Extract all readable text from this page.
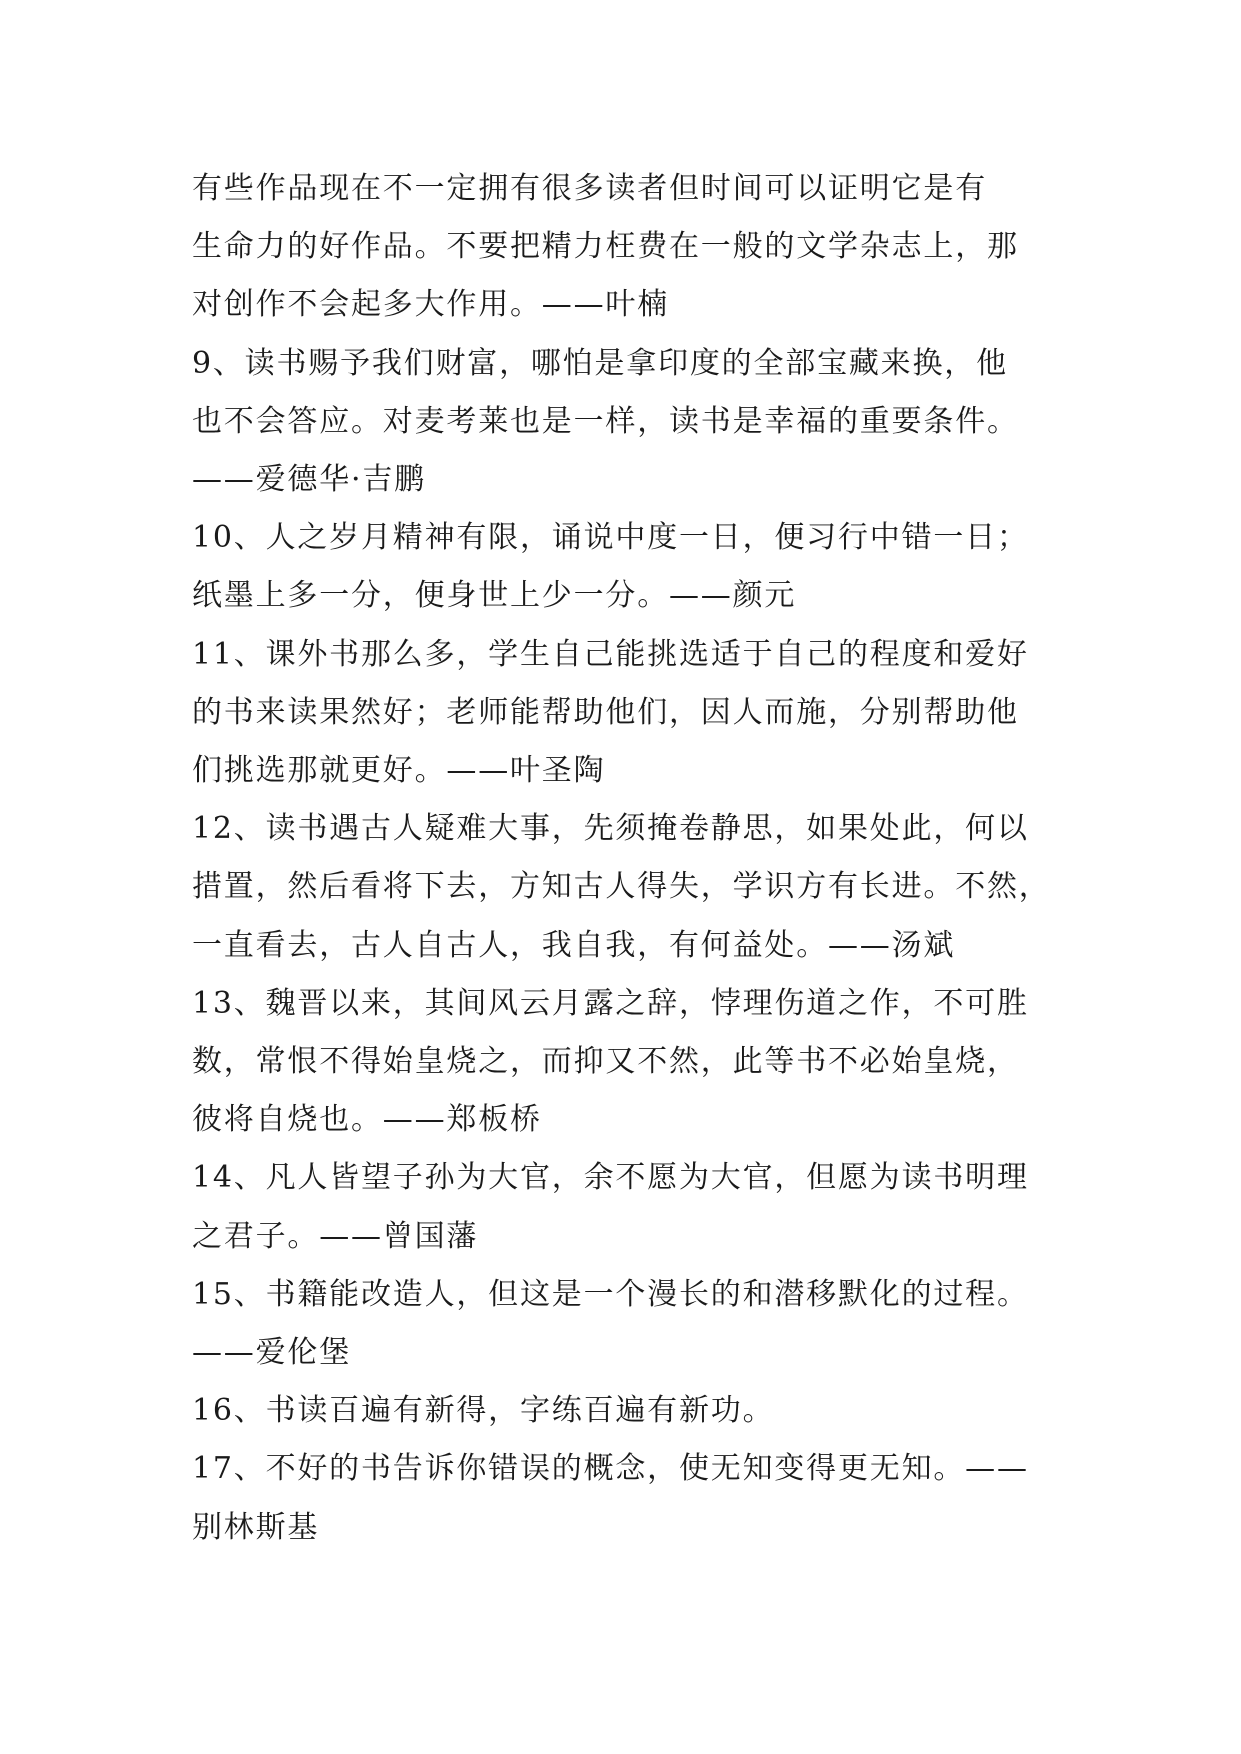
有些作品现在不一定拥有很多读者但时间可以证明它是有
生命力的好作品。不要把精力枉费在一般的文学杂志上，那
对创作不会起多大作用。——叶楠
9、读书赐予我们财富，哪怕是拿印度的全部宝藏来换，他
也不会答应。对麦考莱也是一样，读书是幸福的重要条件。
——爱德华·吉鹏
10、人之岁月精神有限，诵说中度一日，便习行中错一日；
纸墨上多一分，便身世上少一分。——颜元
11、课外书那么多，学生自己能挑选适于自己的程度和爱好
的书来读果然好；老师能帮助他们，因人而施，分别帮助他
们挑选那就更好。——叶圣陶
12、读书遇古人疑难大事，先须掩卷静思，如果处此，何以
措置，然后看将下去，方知古人得失，学识方有长进。不然，
一直看去，古人自古人，我自我，有何益处。——汤斌
13、魏晋以来，其间风云月露之辞，悖理伤道之作，不可胜
数，常恨不得始皇烧之，而抑又不然，此等书不必始皇烧，
彼将自烧也。——郑板桥
14、凡人皆望子孙为大官，余不愿为大官，但愿为读书明理
之君子。——曾国藩
15、书籍能改造人，但这是一个漫长的和潜移默化的过程。
——爱伦堡
16、书读百遍有新得，字练百遍有新功。
17、不好的书告诉你错误的概念，使无知变得更无知。——
别林斯基
